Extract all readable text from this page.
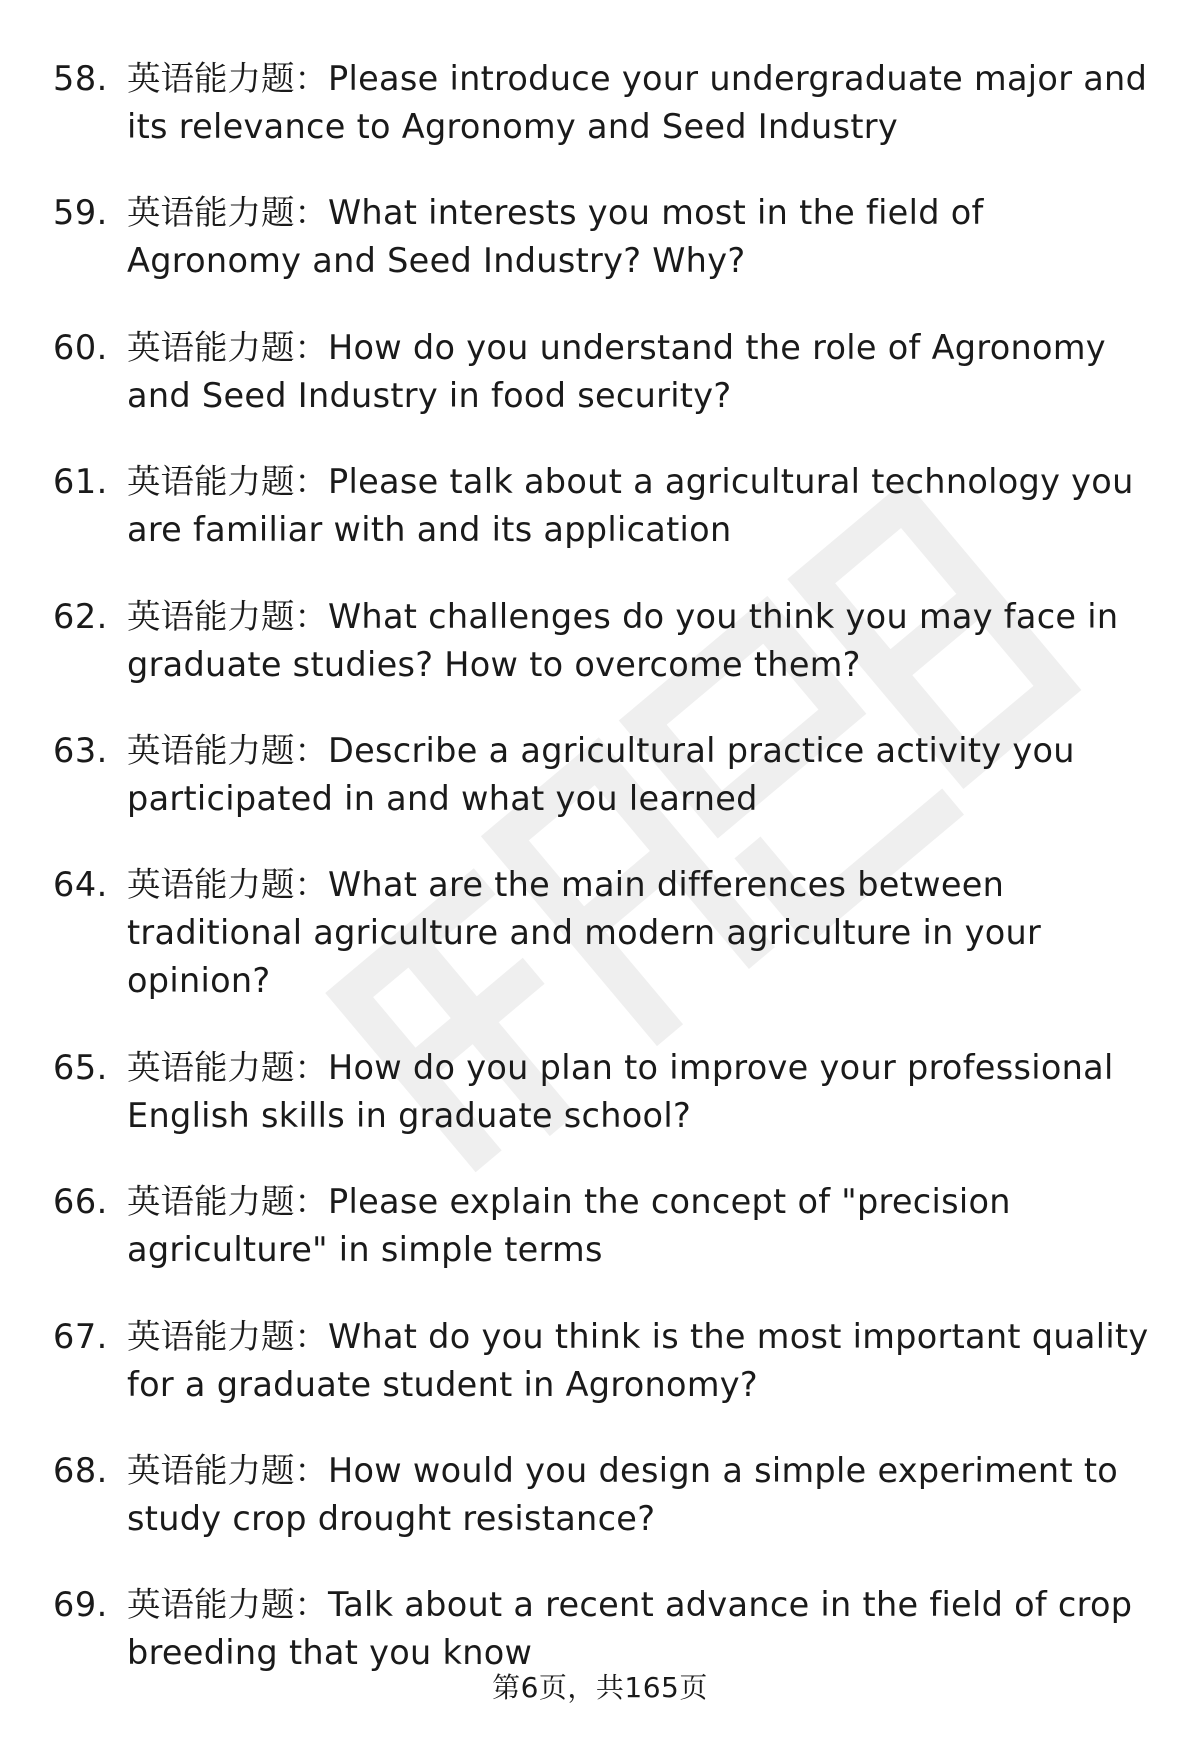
58. 英语能力题：Please introduce your undergraduate major and its relevance to Agronomy and Seed Industry
59. 英语能力题：What interests you most in the field of Agronomy and Seed Industry? Why?
60. 英语能力题：How do you understand the role of Agronomy and Seed Industry in food security?
61. 英语能力题：Please talk about a agricultural technology you are familiar with and its application
62. 英语能力题：What challenges do you think you may face in graduate studies? How to overcome them?
63. 英语能力题：Describe a agricultural practice activity you participated in and what you learned
64. 英语能力题：What are the main differences between traditional agriculture and modern agriculture in your opinion?
65. 英语能力题：How do you plan to improve your professional English skills in graduate school?
66. 英语能力题：Please explain the concept of "precision agriculture" in simple terms
67. 英语能力题：What do you think is the most important quality for a graduate student in Agronomy?
68. 英语能力题：How would you design a simple experiment to study crop drought resistance?
69. 英语能力题：Talk about a recent advance in the field of crop breeding that you know
第6页，共165页
